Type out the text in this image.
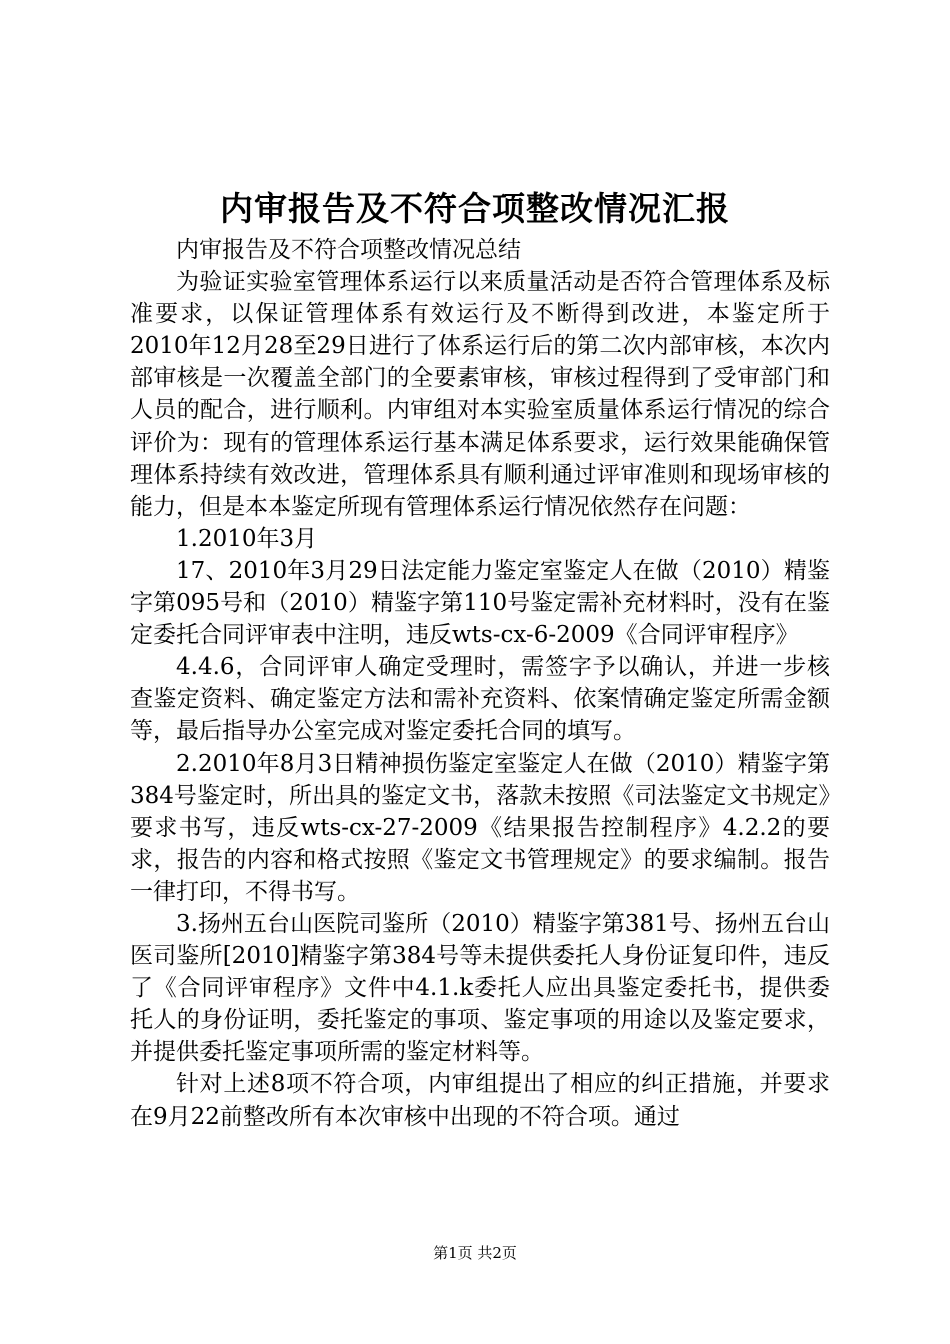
内审报告及不符合项整改情况汇报

内审报告及不符合项整改情况总结

为验证实验室管理体系运行以来质量活动是否符合管理体系及标准要求，以保证管理体系有效运行及不断得到改进，本鉴定所于2010年12月28至29日进行了体系运行后的第二次内部审核，本次内部审核是一次覆盖全部门的全要素审核，审核过程得到了受审部门和人员的配合，进行顺利。内审组对本实验室质量体系运行情况的综合评价为：现有的管理体系运行基本满足体系要求，运行效果能确保管理体系持续有效改进，管理体系具有顺利通过评审准则和现场审核的能力，但是本本鉴定所现有管理体系运行情况依然存在问题：

1.2010年3月

17、2010年3月29日法定能力鉴定室鉴定人在做（2010）精鉴字第095号和（2010）精鉴字第110号鉴定需补充材料时，没有在鉴定委托合同评审表中注明，违反wts-cx-6-2009《合同评审程序》

4.4.6，合同评审人确定受理时，需签字予以确认，并进一步核查鉴定资料、确定鉴定方法和需补充资料、依案情确定鉴定所需金额等，最后指导办公室完成对鉴定委托合同的填写。

2.2010年8月3日精神损伤鉴定室鉴定人在做（2010）精鉴字第384号鉴定时，所出具的鉴定文书，落款未按照《司法鉴定文书规定》要求书写，违反wts-cx-27-2009《结果报告控制程序》4.2.2的要求，报告的内容和格式按照《鉴定文书管理规定》的要求编制。报告一律打印，不得书写。

3.扬州五台山医院司鉴所（2010）精鉴字第381号、扬州五台山医司鉴所[2010]精鉴字第384号等未提供委托人身份证复印件，违反了《合同评审程序》文件中4.1.k委托人应出具鉴定委托书，提供委托人的身份证明，委托鉴定的事项、鉴定事项的用途以及鉴定要求，并提供委托鉴定事项所需的鉴定材料等。

针对上述8项不符合项，内审组提出了相应的纠正措施，并要求在9月22前整改所有本次审核中出现的不符合项。通过

第1页 共2页
